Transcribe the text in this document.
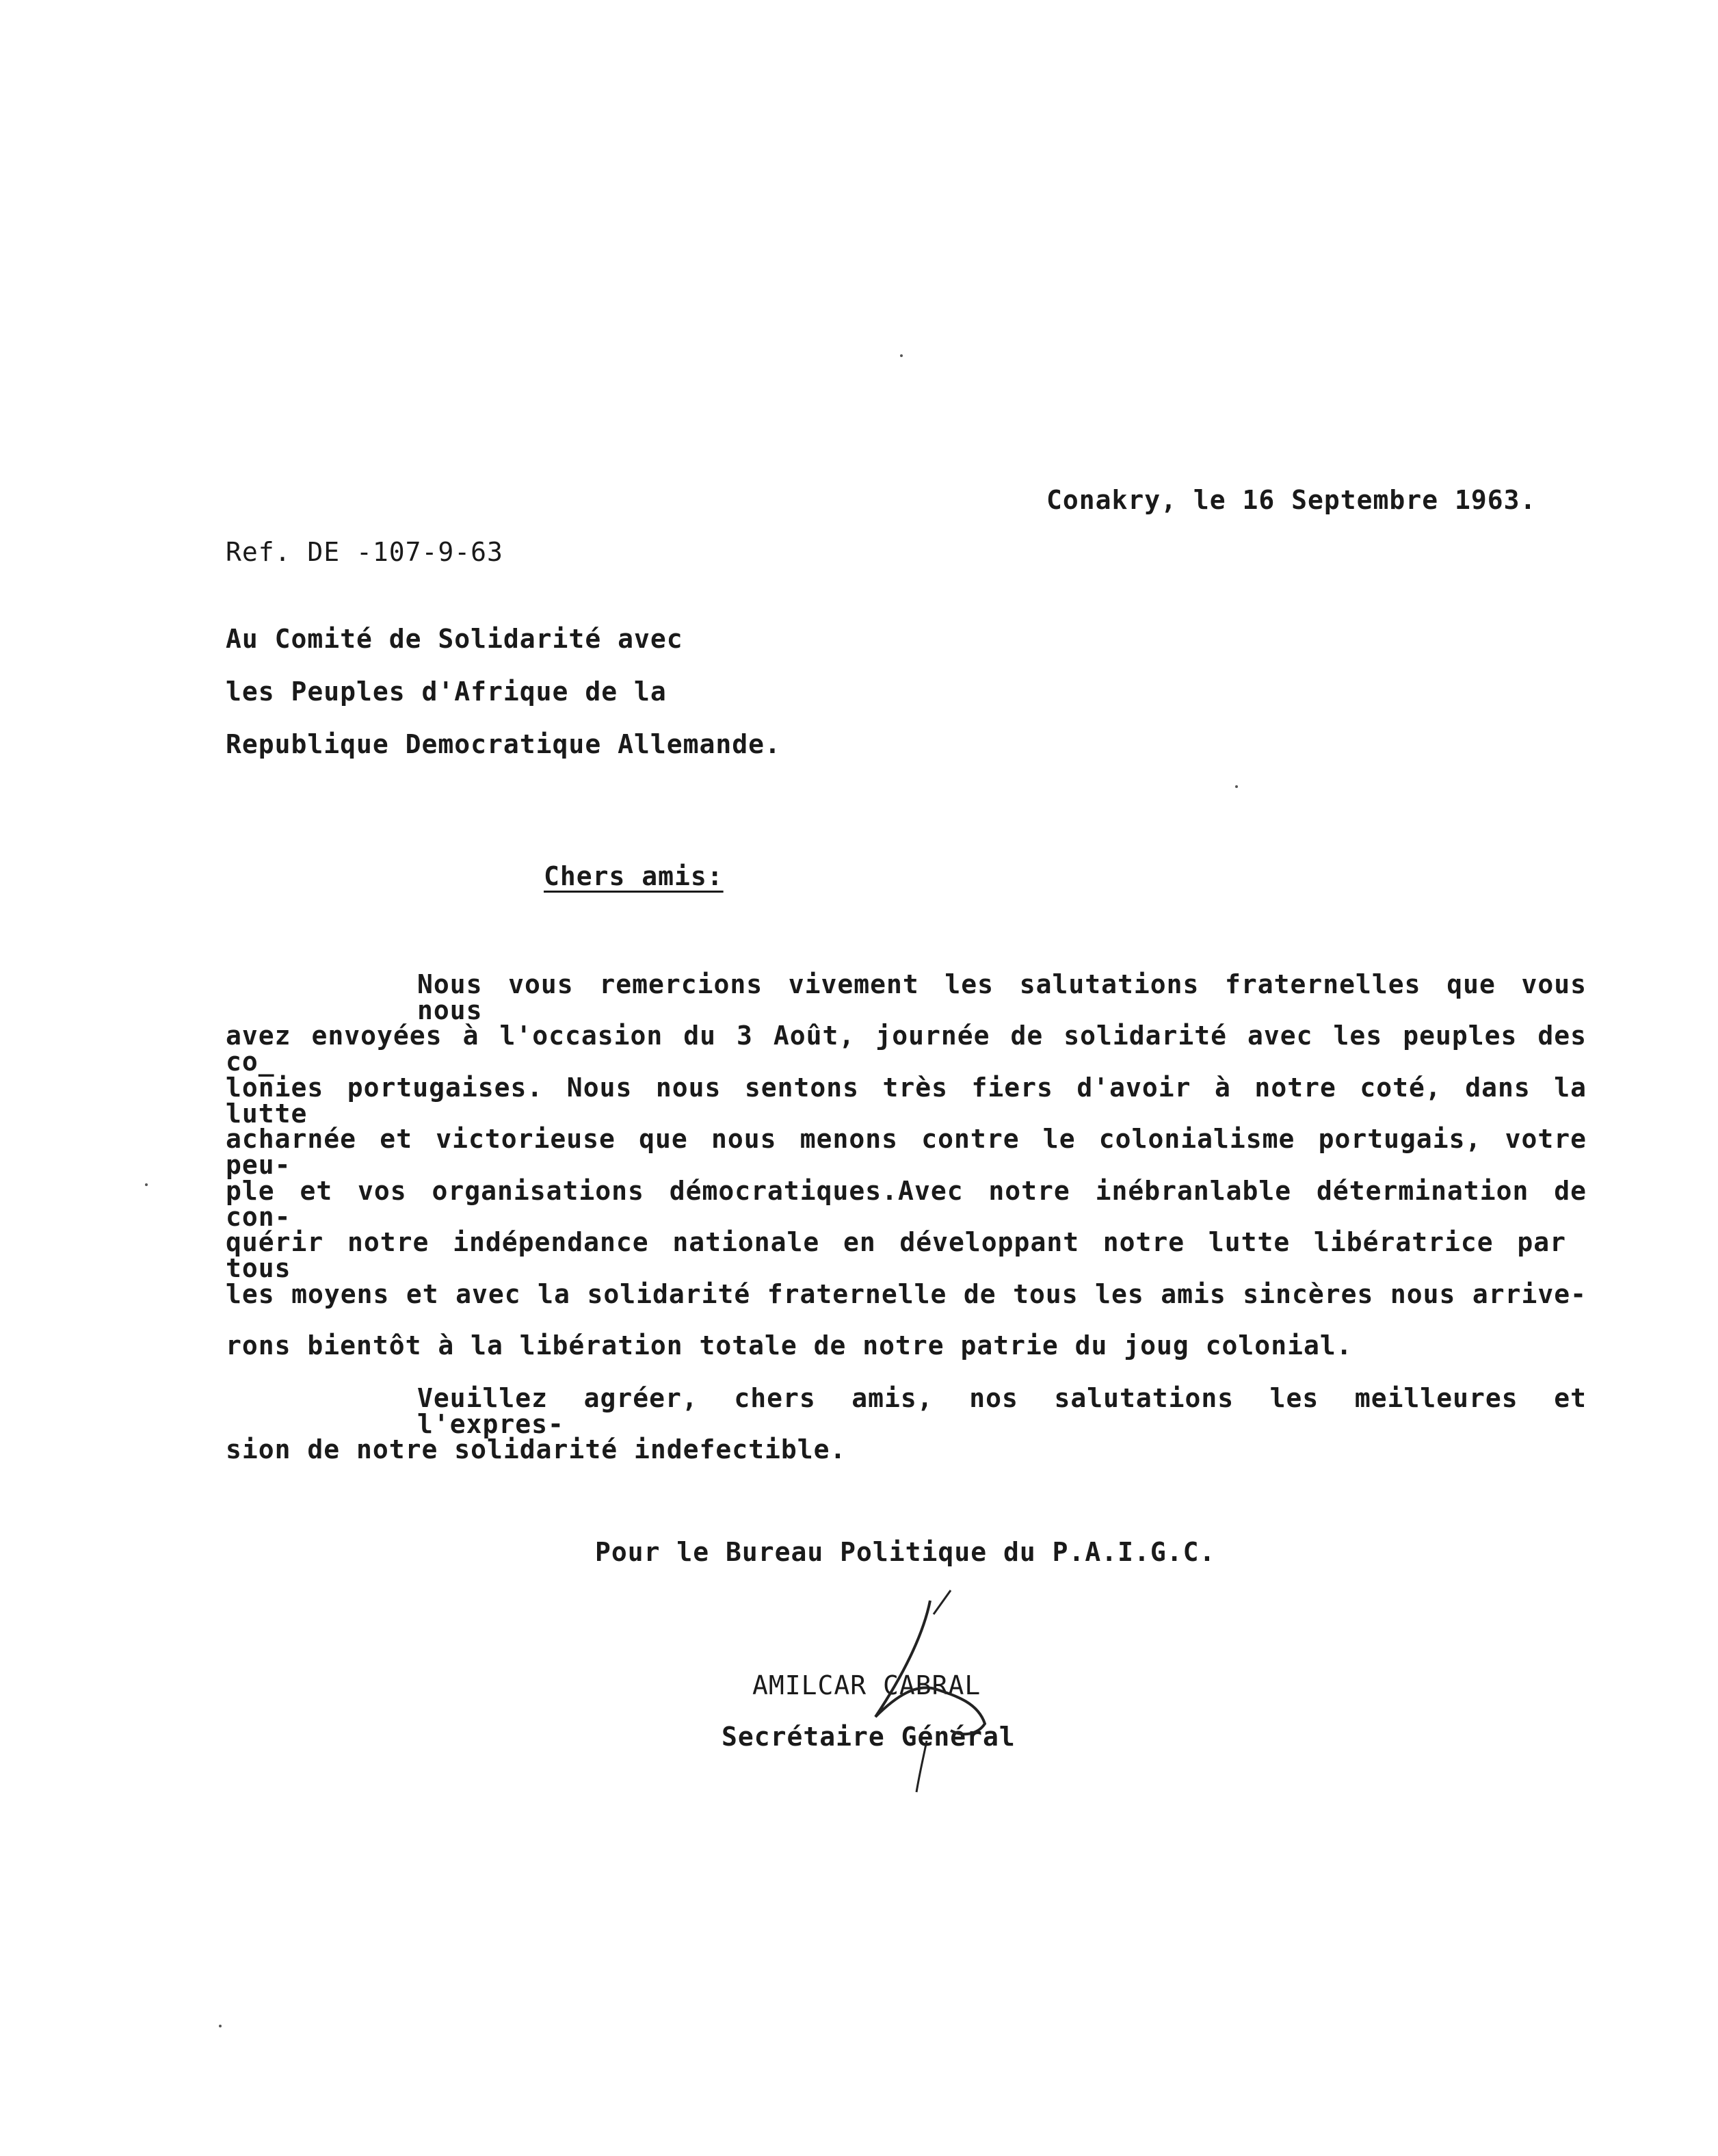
Conakry, le 16 Septembre 1963.

Ref. DE -107-9-63

Au Comité de Solidarité avec

les Peuples d'Afrique de la

Republique Democratique Allemande.

Chers amis:

Nous vous remercions vivement les salutations fraternelles que vous nous

avez envoyées à l'occasion du 3 Août, journée de solidarité avec les peuples des co_

lonies portugaises. Nous nous sentons très fiers d'avoir à notre coté, dans la lutte

acharnée et victorieuse que nous menons contre le colonialisme portugais, votre peu-

ple et vos organisations démocratiques.Avec notre inébranlable détermination de con-

quérir notre indépendance nationale en développant notre lutte libératrice par tous

les moyens et avec la solidarité fraternelle de tous les amis sincères nous arrive-

rons bientôt à la libération totale de notre patrie du joug colonial.

Veuillez agréer, chers amis, nos salutations les meilleures et l'expres-

sion de notre solidarité indefectible.

Pour le Bureau Politique du P.A.I.G.C.

AMILCAR CABRAL

Secrétaire Général
